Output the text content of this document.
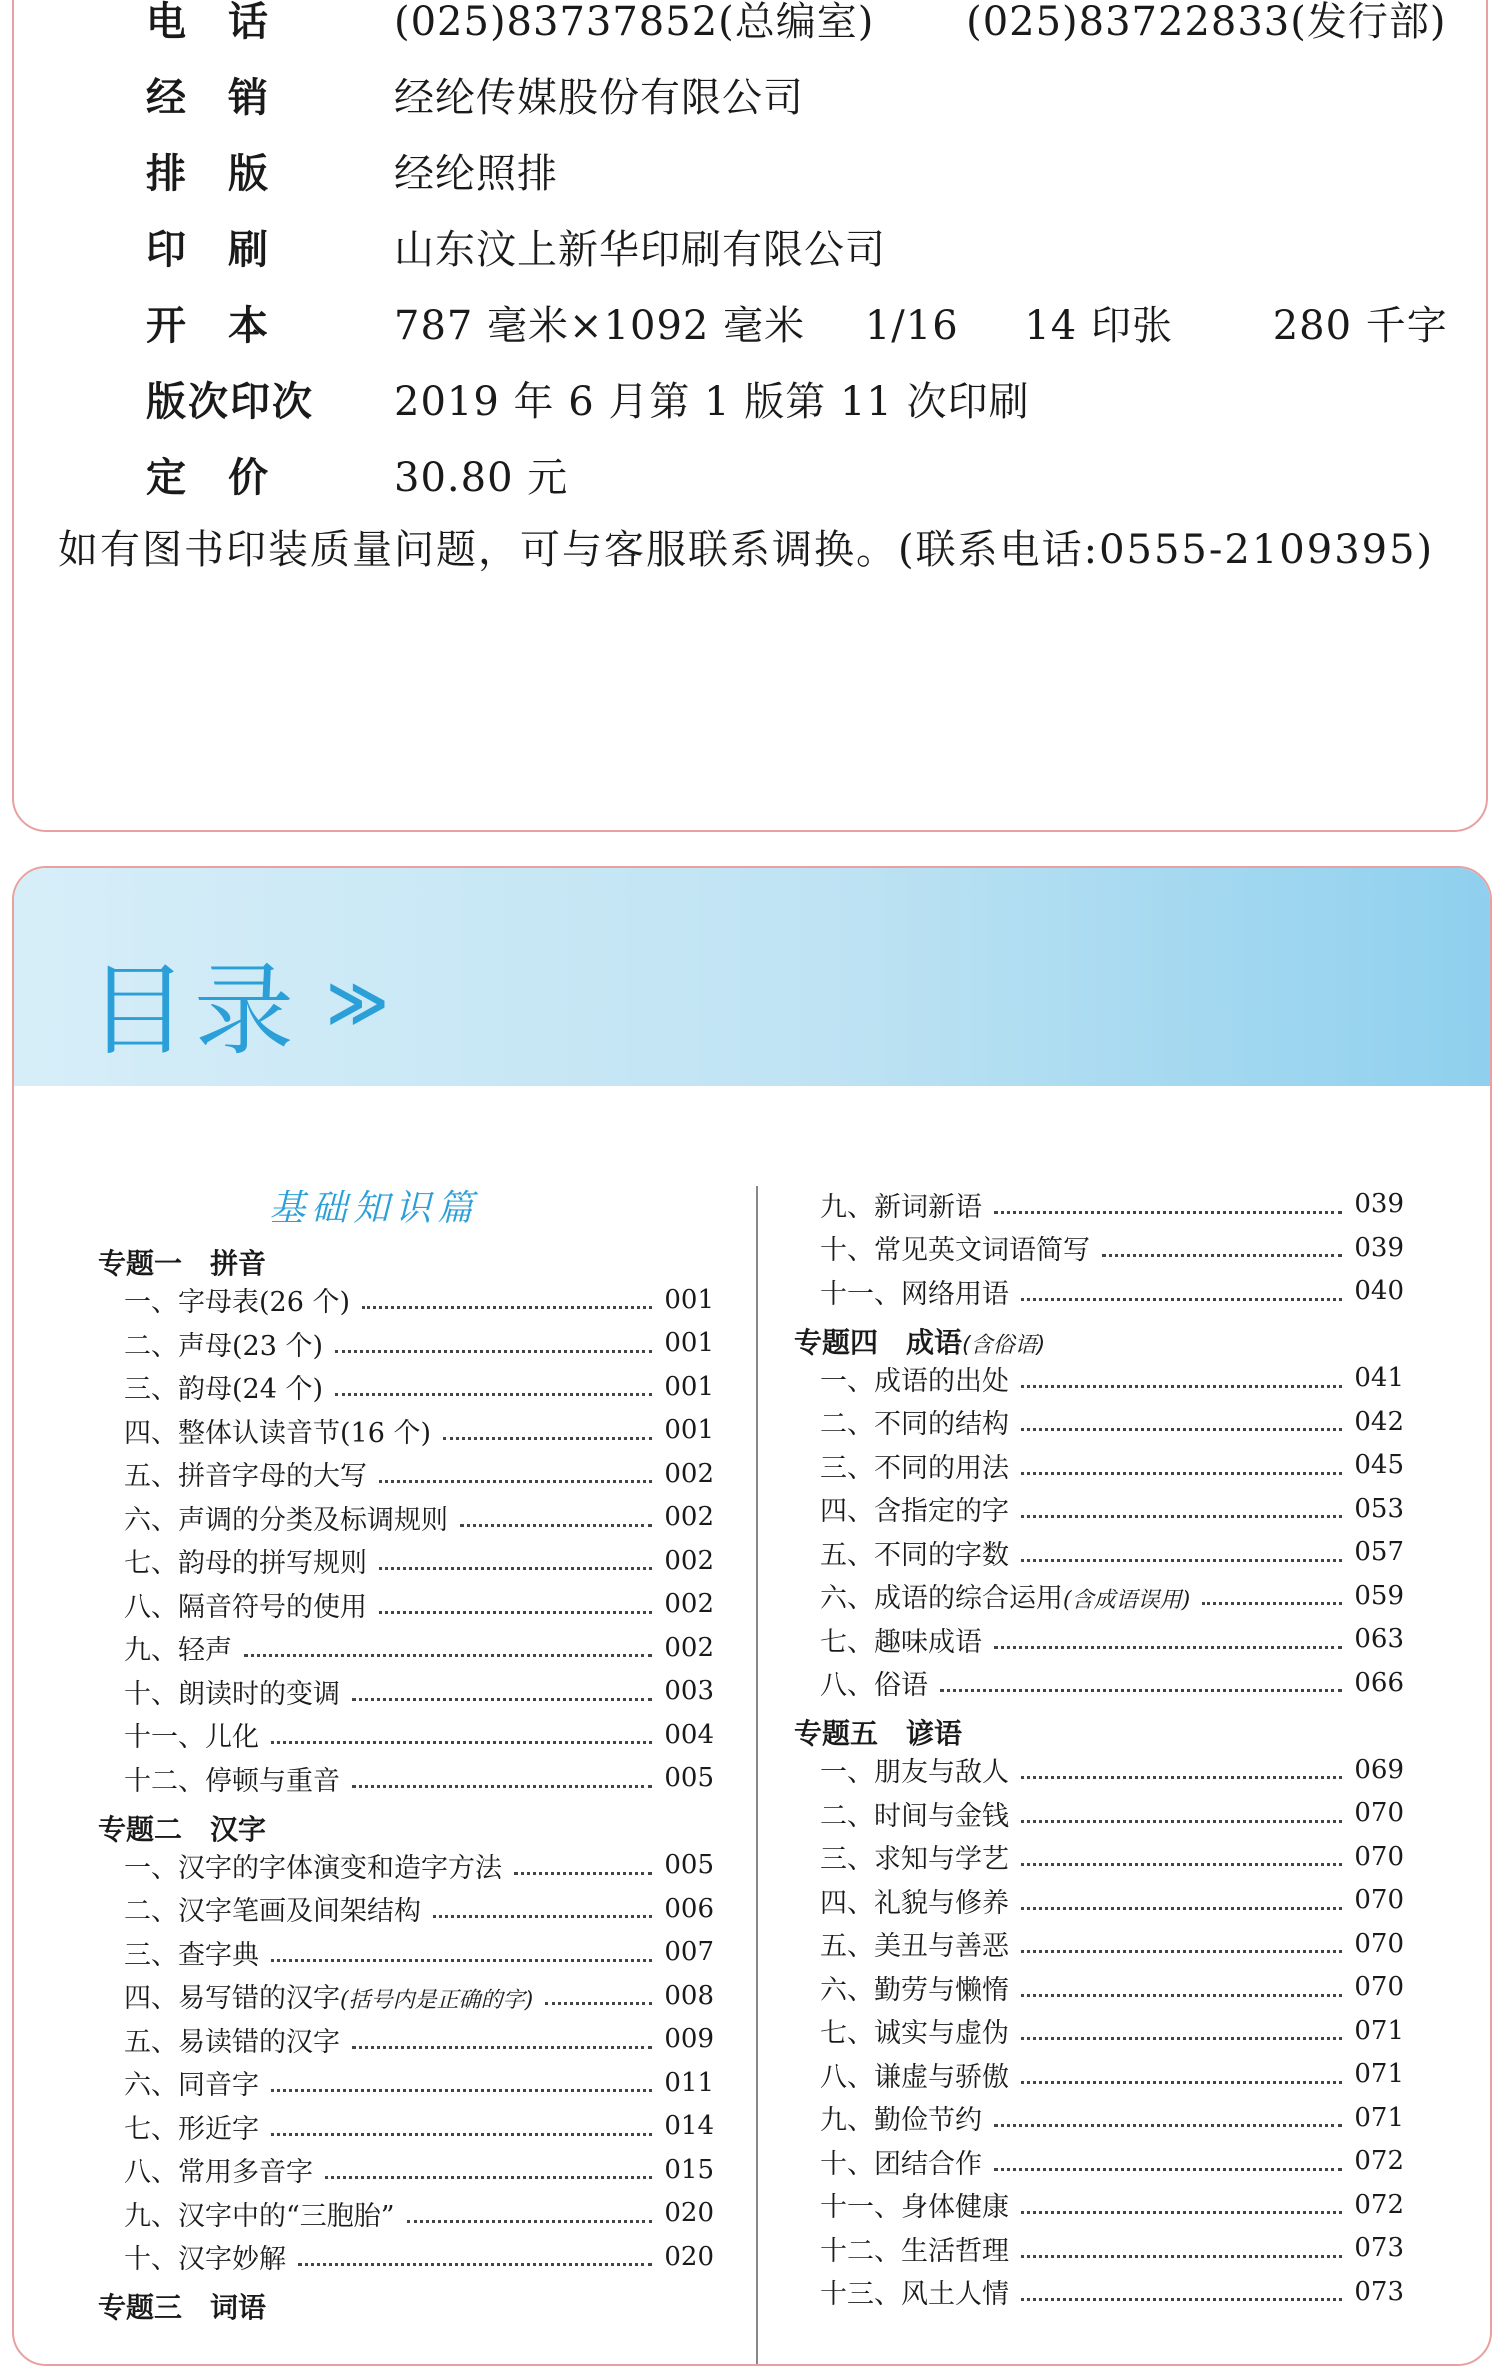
电　话	(025)83737852(总编室) (025)83722833(发行部)
经　销	经纶传媒股份有限公司
排　版	经纶照排
印　刷	山东汶上新华印刷有限公司
开　本	787 毫米×1092 毫米 1/16 14 印张 280 千字
版次印次	2019 年 6 月第 1 版第 11 次印刷
定　价	30.80 元
如有图书印装质量问题，可与客服联系调换。(联系电话:0555-2109395)
目录 ≫
基础知识篇
专题一 拼音
一、字母表(26 个)	001
二、声母(23 个)	001
三、韵母(24 个)	001
四、整体认读音节(16 个)	001
五、拼音字母的大写	002
六、声调的分类及标调规则	002
七、韵母的拼写规则	002
八、隔音符号的使用	002
九、轻声	002
十、朗读时的变调	003
十一、儿化	004
十二、停顿与重音	005
专题二 汉字
一、汉字的字体演变和造字方法	005
二、汉字笔画及间架结构	006
三、查字典	007
四、易写错的汉字(括号内是正确的字)	008
五、易读错的汉字	009
六、同音字	011
七、形近字	014
八、常用多音字	015
九、汉字中的“三胞胎”	020
十、汉字妙解	020
专题三 词语
九、新词新语	039
十、常见英文词语简写	039
十一、网络用语	040
专题四 成语(含俗语)
一、成语的出处	041
二、不同的结构	042
三、不同的用法	045
四、含指定的字	053
五、不同的字数	057
六、成语的综合运用(含成语误用)	059
七、趣味成语	063
八、俗语	066
专题五 谚语
一、朋友与敌人	069
二、时间与金钱	070
三、求知与学艺	070
四、礼貌与修养	070
五、美丑与善恶	070
六、勤劳与懒惰	070
七、诚实与虚伪	071
八、谦虚与骄傲	071
九、勤俭节约	071
十、团结合作	072
十一、身体健康	072
十二、生活哲理	073
十三、风土人情	073
